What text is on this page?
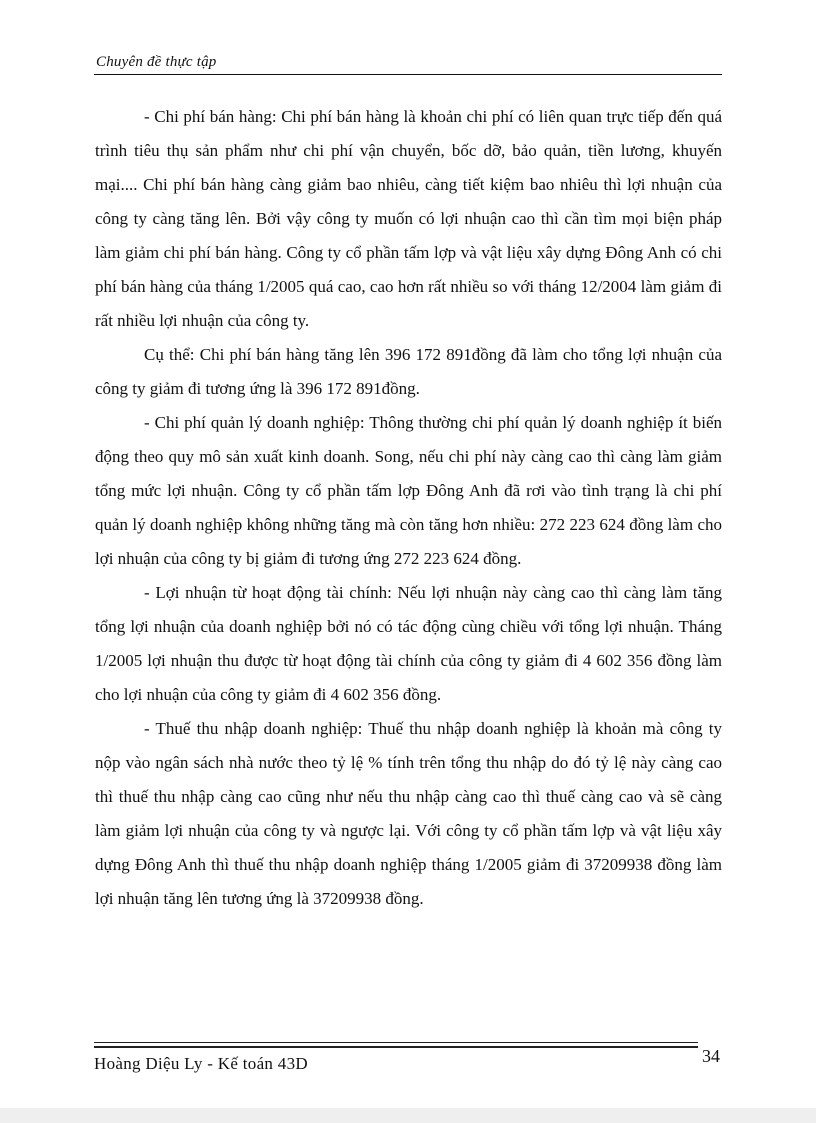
Chuyên đề thực tập

- Chi phí bán hàng: Chi phí bán hàng là khoản chi phí có liên quan trực tiếp đến quá trình tiêu thụ sản phẩm như chi phí vận chuyển, bốc dỡ, bảo quản, tiền lương, khuyến mại.... Chi phí bán hàng càng giảm bao nhiêu, càng tiết kiệm bao nhiêu thì lợi nhuận của công ty càng tăng lên. Bởi vậy công ty muốn có lợi nhuận cao thì cần tìm mọi biện pháp làm giảm chi phí bán hàng. Công ty cổ phần tấm lợp và vật liệu xây dựng Đông Anh có chi phí bán hàng của tháng 1/2005 quá cao, cao hơn rất nhiều so với tháng 12/2004 làm giảm đi rất nhiều lợi nhuận của công ty.

Cụ thể: Chi phí bán hàng tăng lên 396 172 891đồng đã làm cho tổng lợi nhuận của công ty giảm đi tương ứng là 396 172 891đồng.

- Chi phí quản lý doanh nghiệp: Thông thường chi phí quản lý doanh nghiệp ít biến động theo quy mô sản xuất kinh doanh. Song, nếu chi phí này càng cao thì càng làm giảm tổng mức lợi nhuận. Công ty cổ phần tấm lợp Đông Anh đã rơi vào tình trạng là chi phí quản lý doanh nghiệp không những tăng mà còn tăng hơn nhiều: 272 223 624 đồng làm cho lợi nhuận của công ty bị giảm đi tương ứng 272 223 624 đồng.

- Lợi nhuận từ hoạt động tài chính: Nếu lợi nhuận này càng cao thì càng làm tăng tổng lợi nhuận của doanh nghiệp bởi nó có tác động cùng chiều với tổng lợi nhuận. Tháng 1/2005 lợi nhuận thu được từ hoạt động tài chính của công ty giảm đi 4 602 356 đồng làm cho lợi nhuận của công ty giảm đi 4 602 356 đồng.

- Thuế thu nhập doanh nghiệp: Thuế thu nhập doanh nghiệp là khoản mà công ty nộp vào ngân sách nhà nước theo tỷ lệ % tính trên tổng thu nhập do đó tỷ lệ này càng cao thì thuế thu nhập càng cao cũng như nếu thu nhập càng cao thì thuế càng cao và sẽ càng làm giảm lợi nhuận của công ty và ngược lại. Với công ty cổ phần tấm lợp và vật liệu xây dựng Đông Anh thì thuế thu nhập doanh nghiệp tháng 1/2005 giảm đi 37209938 đồng làm lợi nhuận tăng lên tương ứng là 37209938 đồng.

Hoàng Diệu Ly - Kế toán 43D	34
